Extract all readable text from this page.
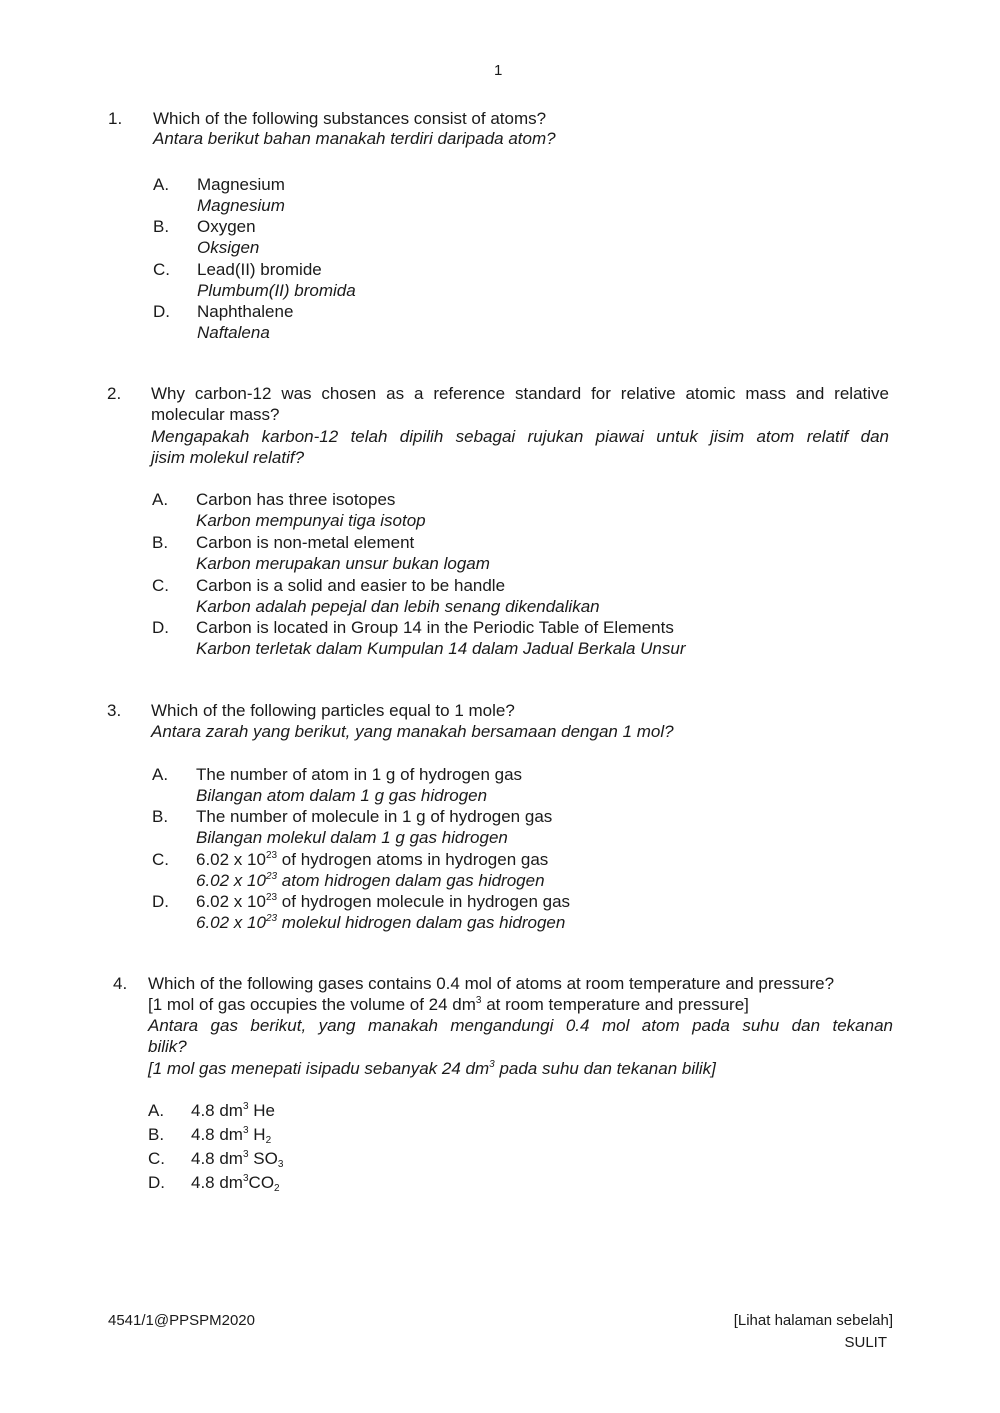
1
1. Which of the following substances consist of atoms?
Antara berikut bahan manakah terdiri daripada atom?
A. Magnesium
Magnesium
B. Oxygen
Oksigen
C. Lead(II) bromide
Plumbum(II) bromida
D. Naphthalene
Naftalena
2. Why carbon-12 was chosen as a reference standard for relative atomic mass and relative
molecular mass?
Mengapakah karbon-12 telah dipilih sebagai rujukan piawai untuk jisim atom relatif dan
jisim molekul relatif?
A. Carbon has three isotopes
Karbon mempunyai tiga isotop
B. Carbon is non-metal element
Karbon merupakan unsur bukan logam
C. Carbon is a solid and easier to be handle
Karbon adalah pepejal dan lebih senang dikendalikan
D. Carbon is located in Group 14 in the Periodic Table of Elements
Karbon terletak dalam Kumpulan 14 dalam Jadual Berkala Unsur
3. Which of the following particles equal to 1 mole?
Antara zarah yang berikut, yang manakah bersamaan dengan 1 mol?
A. The number of atom in 1 g of hydrogen gas
Bilangan atom dalam 1 g gas hidrogen
B. The number of molecule in 1 g of hydrogen gas
Bilangan molekul dalam 1 g gas hidrogen
C. 6.02 x $10^{23}$ of hydrogen atoms in hydrogen gas
6.02 x $10^{23}$ atom hidrogen dalam gas hidrogen
D. 6.02 x $10^{23}$ of hydrogen molecule in hydrogen gas
6.02 x $10^{23}$ molekul hidrogen dalam gas hidrogen
4. Which of the following gases contains 0.4 mol of atoms at room temperature and pressure?
[1 mol of gas occupies the volume of 24 $dm^3$ at room temperature and pressure]
Antara gas berikut, yang manakah mengandungi 0.4 mol atom pada suhu dan tekanan
bilik?
[1 mol gas menepati isipadu sebanyak 24 $dm^3$ pada suhu dan tekanan bilik]
A. 4.8 $dm^3$ He
B. 4.8 $dm^3$ $H_2$
C. 4.8 $dm^3$ $SO_3$
D. 4.8 $dm^3CO_2$
4541/1@PPSPM2020	[Lihat halaman sebelah]
SULIT
